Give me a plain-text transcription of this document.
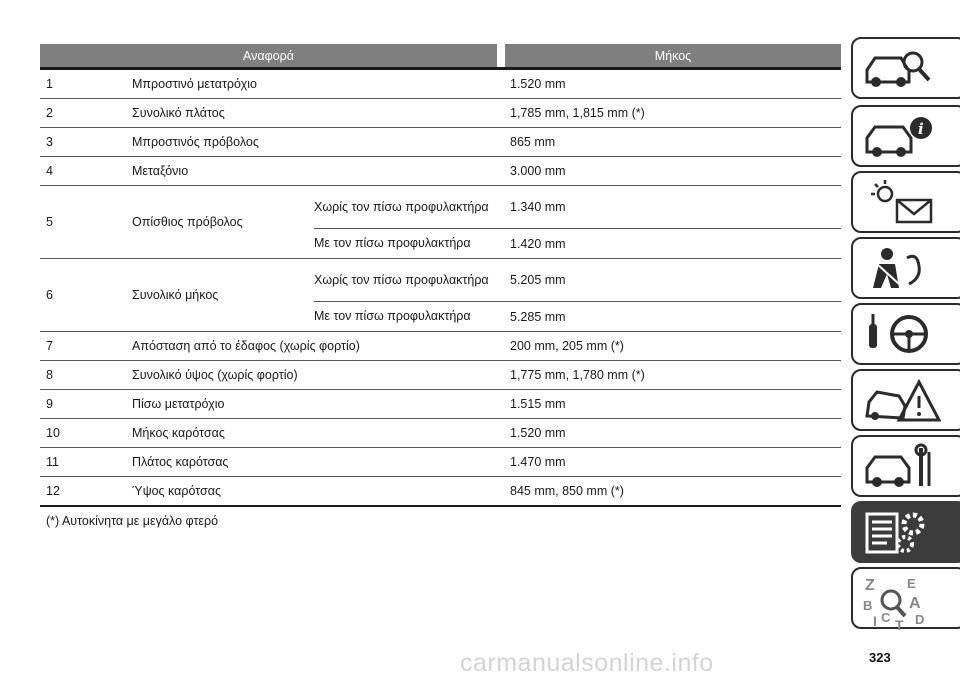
Αναφορά	Μήκος
1	Μπροστινό μετατρόχιο	1.520 mm
2	Συνολικό πλάτος	1,785 mm, 1,815 mm (*)
3	Μπροστινός πρόβολος	865 mm
4	Μεταξόνιο	3.000 mm
5	Οπίσθιος πρόβολος
Χωρίς τον πίσω προφυλακτήρα	1.340 mm
Με τον πίσω προφυλακτήρα	1.420 mm
6	Συνολικό μήκος
Χωρίς τον πίσω προφυλακτήρα	5.205 mm
Με τον πίσω προφυλακτήρα	5.285 mm
7	Απόσταση από το έδαφος (χωρίς φορτίο)	200 mm, 205 mm (*)
8	Συνολικό ύψος (χωρίς φορτίο)	1,775 mm, 1,780 mm (*)
9	Πίσω μετατρόχιο	1.515 mm
10	Μήκος καρότσας	1.520 mm
11	Πλάτος καρότσας	1.470 mm
12	Ύψος καρότσας	845 mm, 850 mm (*)
(*) Αυτοκίνητα με μεγάλο φτερό
i
Z E
B A
I C T D
carmanualsonline.info	323
